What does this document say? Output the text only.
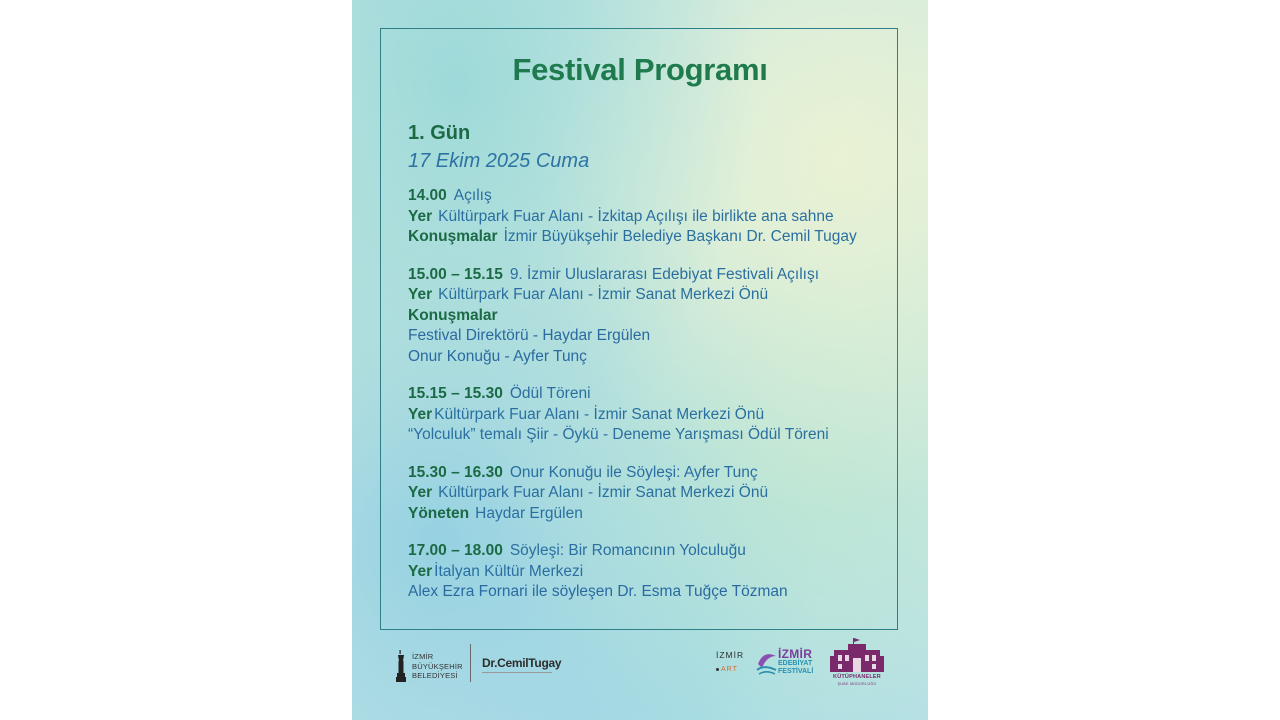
Festival Programı
1. Gün
17 Ekim 2025 Cuma
14.00 Açılış
Yer Kültürpark Fuar Alanı - İzkitap Açılışı ile birlikte ana sahne
Konuşmalar İzmir Büyükşehir Belediye Başkanı Dr. Cemil Tugay
15.00 – 15.15 9. İzmir Uluslararası Edebiyat Festivali Açılışı
Yer Kültürpark Fuar Alanı - İzmir Sanat Merkezi Önü
Konuşmalar
Festival Direktörü - Haydar Ergülen
Onur Konuğu - Ayfer Tunç
15.15 – 15.30 Ödül Töreni
Yer Kültürpark Fuar Alanı - İzmir Sanat Merkezi Önü
“Yolculuk” temalı Şiir - Öykü - Deneme Yarışması Ödül Töreni
15.30 – 16.30 Onur Konuğu ile Söyleşi: Ayfer Tunç
Yer Kültürpark Fuar Alanı - İzmir Sanat Merkezi Önü
Yöneten Haydar Ergülen
17.00 – 18.00 Söyleşi: Bir Romancının Yolculuğu
Yer İtalyan Kültür Merkezi
Alex Ezra Fornari ile söyleşen Dr. Esma Tuğçe Tözman
İZMİR
BÜYÜKŞEHİR
BELEDİYESİ
Dr.CemilTugay
İZMİR
ART
İZMİR
EDEBİYAT
FESTİVALİ
KÜTÜPHANELER
ŞUBE MÜDÜRLÜĞÜ
